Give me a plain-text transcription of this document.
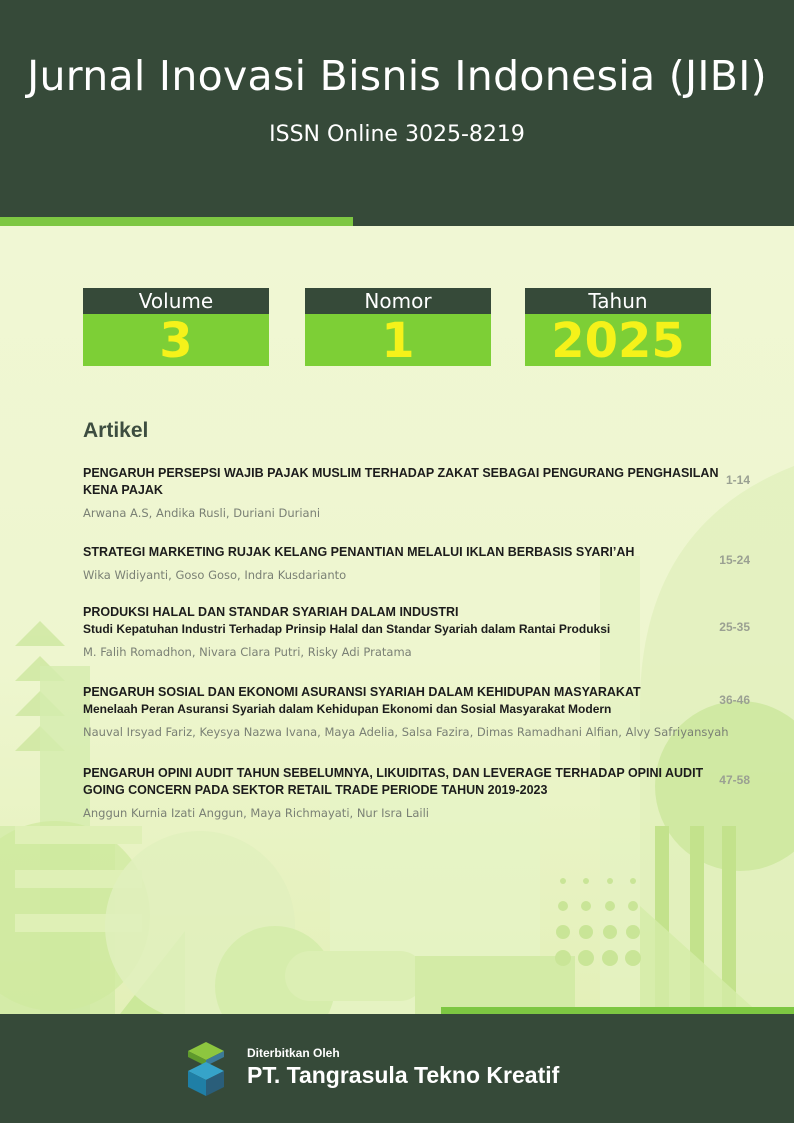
Jurnal Inovasi Bisnis Indonesia (JIBI)
ISSN Online 3025-8219
Volume
3
Nomor
1
Tahun
2025
Artikel
PENGARUH PERSEPSI WAJIB PAJAK MUSLIM TERHADAP ZAKAT SEBAGAI PENGURANG PENGHASILAN KENA PAJAK
Arwana A.S, Andika Rusli, Duriani Duriani
1-14
STRATEGI MARKETING RUJAK KELANG PENANTIAN MELALUI IKLAN BERBASIS SYARI’AH
Wika Widiyanti, Goso Goso, Indra Kusdarianto
15-24
PRODUKSI HALAL DAN STANDAR SYARIAH DALAM INDUSTRI
Studi Kepatuhan Industri Terhadap Prinsip Halal dan Standar Syariah dalam Rantai Produksi
M. Falih Romadhon, Nivara Clara Putri, Risky Adi Pratama
25-35
PENGARUH SOSIAL DAN EKONOMI ASURANSI SYARIAH DALAM KEHIDUPAN MASYARAKAT
Menelaah Peran Asuransi Syariah dalam Kehidupan Ekonomi dan Sosial Masyarakat Modern
Nauval Irsyad Fariz, Keysya Nazwa Ivana, Maya Adelia, Salsa Fazira, Dimas Ramadhani Alfian, Alvy Safriyansyah
36-46
PENGARUH OPINI AUDIT TAHUN SEBELUMNYA, LIKUIDITAS, DAN LEVERAGE TERHADAP OPINI AUDIT GOING CONCERN PADA SEKTOR RETAIL TRADE PERIODE TAHUN 2019-2023
Anggun Kurnia Izati Anggun, Maya Richmayati, Nur Isra Laili
47-58
Diterbitkan Oleh
PT. Tangrasula Tekno Kreatif
